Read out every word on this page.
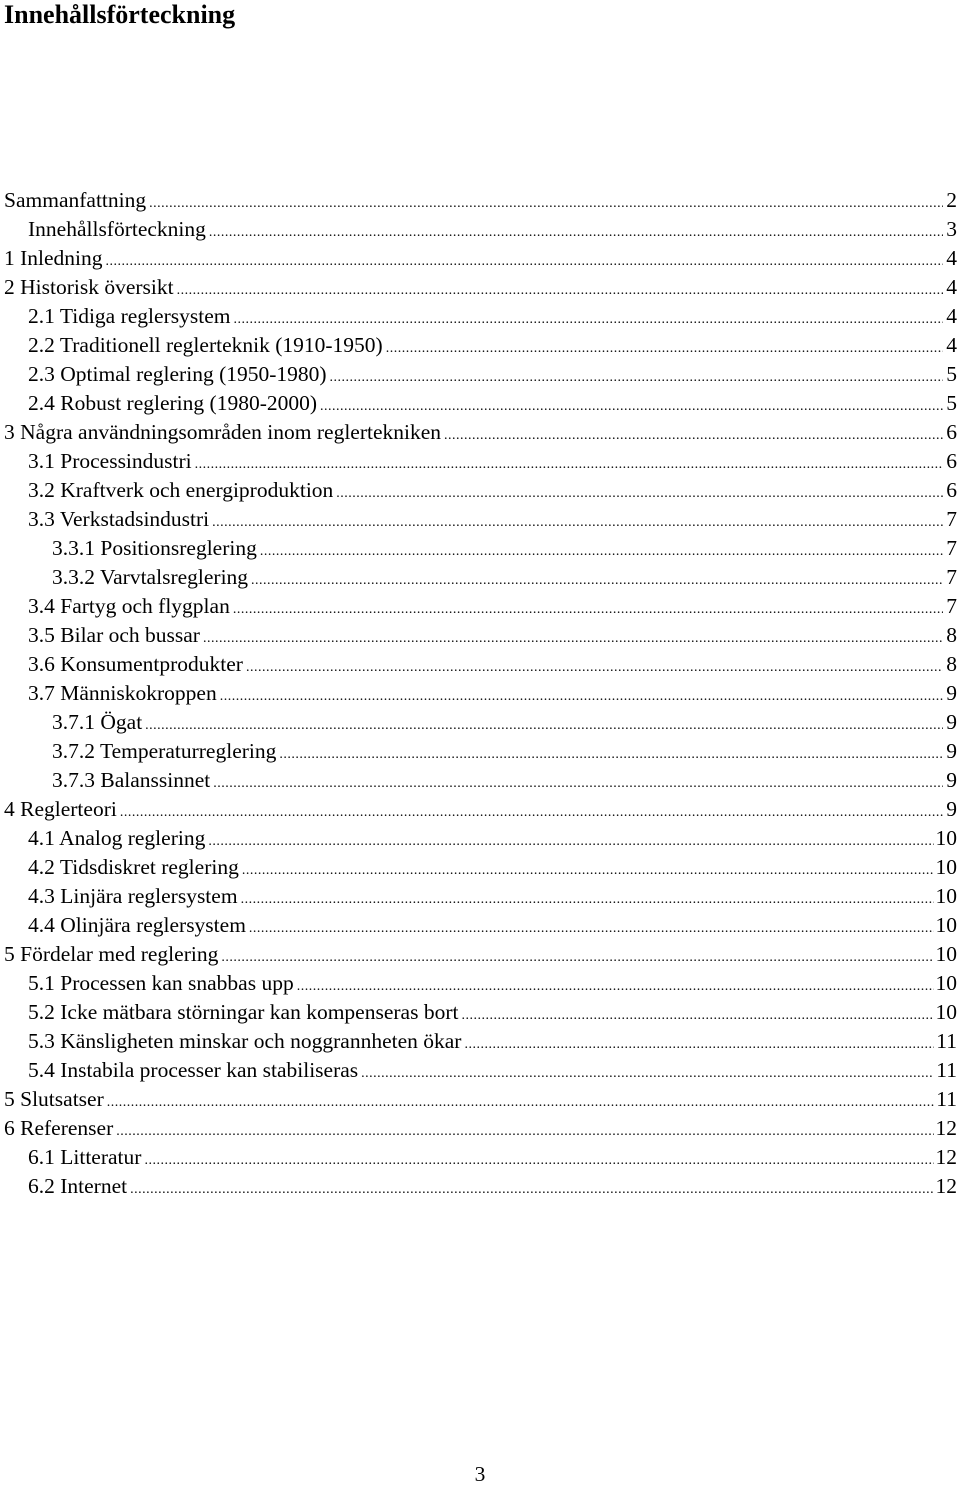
Innehållsförteckning
Sammanfattning .....	2
Innehållsförteckning .....	3
1 Inledning .....	4
2 Historisk översikt .....	4
2.1 Tidiga reglersystem .....	4
2.2 Traditionell reglerteknik (1910-1950) .....	4
2.3 Optimal reglering (1950-1980) .....	5
2.4 Robust reglering (1980-2000) .....	5
3 Några användningsområden inom reglertekniken .....	6
3.1 Processindustri .....	6
3.2 Kraftverk och energiproduktion .....	6
3.3 Verkstadsindustri .....	7
3.3.1 Positionsreglering .....	7
3.3.2 Varvtalsreglering .....	7
3.4 Fartyg och flygplan .....	7
3.5 Bilar och bussar .....	8
3.6 Konsumentprodukter .....	8
3.7 Människokroppen .....	9
3.7.1 Ögat .....	9
3.7.2 Temperaturreglering .....	9
3.7.3 Balanssinnet .....	9
4 Reglerteori .....	9
4.1 Analog reglering .....	10
4.2 Tidsdiskret reglering .....	10
4.3 Linjära reglersystem .....	10
4.4 Olinjära reglersystem .....	10
5 Fördelar med reglering .....	10
5.1 Processen kan snabbas upp .....	10
5.2 Icke mätbara störningar kan kompenseras bort .....	10
5.3 Känsligheten minskar och noggrannheten ökar .....	11
5.4 Instabila processer kan stabiliseras .....	11
5 Slutsatser .....	11
6 Referenser .....	12
6.1 Litteratur .....	12
6.2 Internet .....	12
3
